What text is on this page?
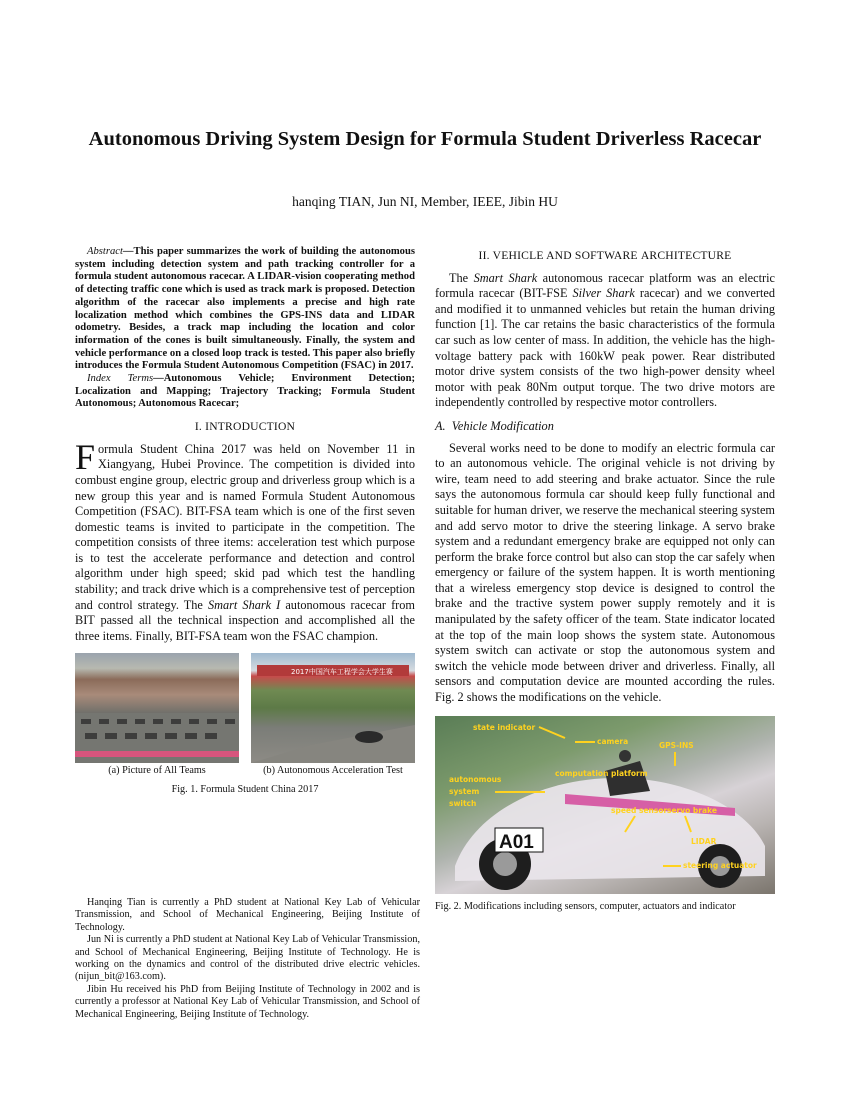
Autonomous Driving System Design for Formula Student Driverless Racecar
hanqing TIAN, Jun NI, Member, IEEE, Jibin HU

Abstract—This paper summarizes the work of building the autonomous system including detection system and path tracking controller for a formula student autonomous racecar. A LIDAR-vision cooperating method of detecting traffic cone which is used as track mark is proposed. Detection algorithm of the racecar also implements a precise and high rate localization method which combines the GPS-INS data and LIDAR odometry. Besides, a track map including the location and color information of the cones is built simultaneously. Finally, the system and vehicle performance on a closed loop track is tested. This paper also briefly introduces the Formula Student Autonomous Competition (FSAC) in 2017.

Index Terms—Autonomous Vehicle; Environment Detection; Localization and Mapping; Trajectory Tracking; Formula Student Autonomous; Autonomous Racecar;

I. INTRODUCTION

Formula Student China 2017 was held on November 11 in Xiangyang, Hubei Province. The competition is divided into combust engine group, electric group and driverless group which is a new group this year and is named Formula Student Autonomous Competition (FSAC). BIT-FSA team which is one of the first seven domestic teams is invited to participate in the competition. The competition consists of three items: acceleration test which purpose is to test the accelerate performance and detection and control algorithm under high speed; skid pad which test the handling stability; and track drive which is a comprehensive test of perception and control strategy. The Smart Shark I autonomous racecar from BIT passed all the technical inspection and accomplished all the three items. Finally, BIT-FSA team won the FSAC champion.

(a) Picture of All Teams
2017中国汽车工程学会大学生赛
(b) Autonomous Acceleration Test
Fig. 1. Formula Student China 2017

Hanqing Tian is currently a PhD student at National Key Lab of Vehicular Transmission, and School of Mechanical Engineering, Beijing Institute of Technology.

Jun Ni is currently a PhD student at National Key Lab of Vehicular Transmission, and School of Mechanical Engineering, Beijing Institute of Technology. He is working on the dynamics and control of the distributed drive electric vehicles. (nijun_bit@163.com).

Jibin Hu received his PhD from Beijing Institute of Technology in 2002 and is currently a professor at National Key Lab of Vehicular Transmission, and School of Mechanical Engineering, Beijing Institute of Technology.

II. VEHICLE AND SOFTWARE ARCHITECTURE

The Smart Shark autonomous racecar platform was an electric formula racecar (BIT-FSE Silver Shark racecar) and we converted and modified it to unmanned vehicles but retain the human driving function [1]. The car retains the basic characteristics of the formula car such as low center of mass. In addition, the vehicle has the high-voltage battery pack with 160kW peak power. Rear distributed motor drive system consists of the two high-power density wheel motor with peak 80Nm output torque. The two drive motors are independently controlled by respective motor controllers.

A. Vehicle Modification

Several works need to be done to modify an electric formula car to an autonomous vehicle. The original vehicle is not driving by wire, team need to add steering and brake actuator. Since the rule says the autonomous formula car should keep fully functional and suitable for human driver, we reserve the mechanical steering system and add servo motor to drive the steering linkage. A servo brake system and a redundant emergency brake are equipped not only can perform the brake force control but also can stop the car safely when emergency or failure of the system happen. It is worth mentioning that a wireless emergency stop device is designed to control the brake and the tractive system power supply remotely and it is manipulated by the safety officer of the team. State indicator located at the top of the main loop shows the system state. Autonomous system switch can activate or stop the autonomous system and switch the vehicle mode between driver and driverless. Finally, all sensors and computation device are mounted according the rules. Fig. 2 shows the modifications on the vehicle.

A01
state indicator
camera	GPS-INS
computation platform
autonomous
system
switch
speed sensor servo brake
LIDAR
steering actuator
Fig. 2. Modifications including sensors, computer, actuators and indicator
